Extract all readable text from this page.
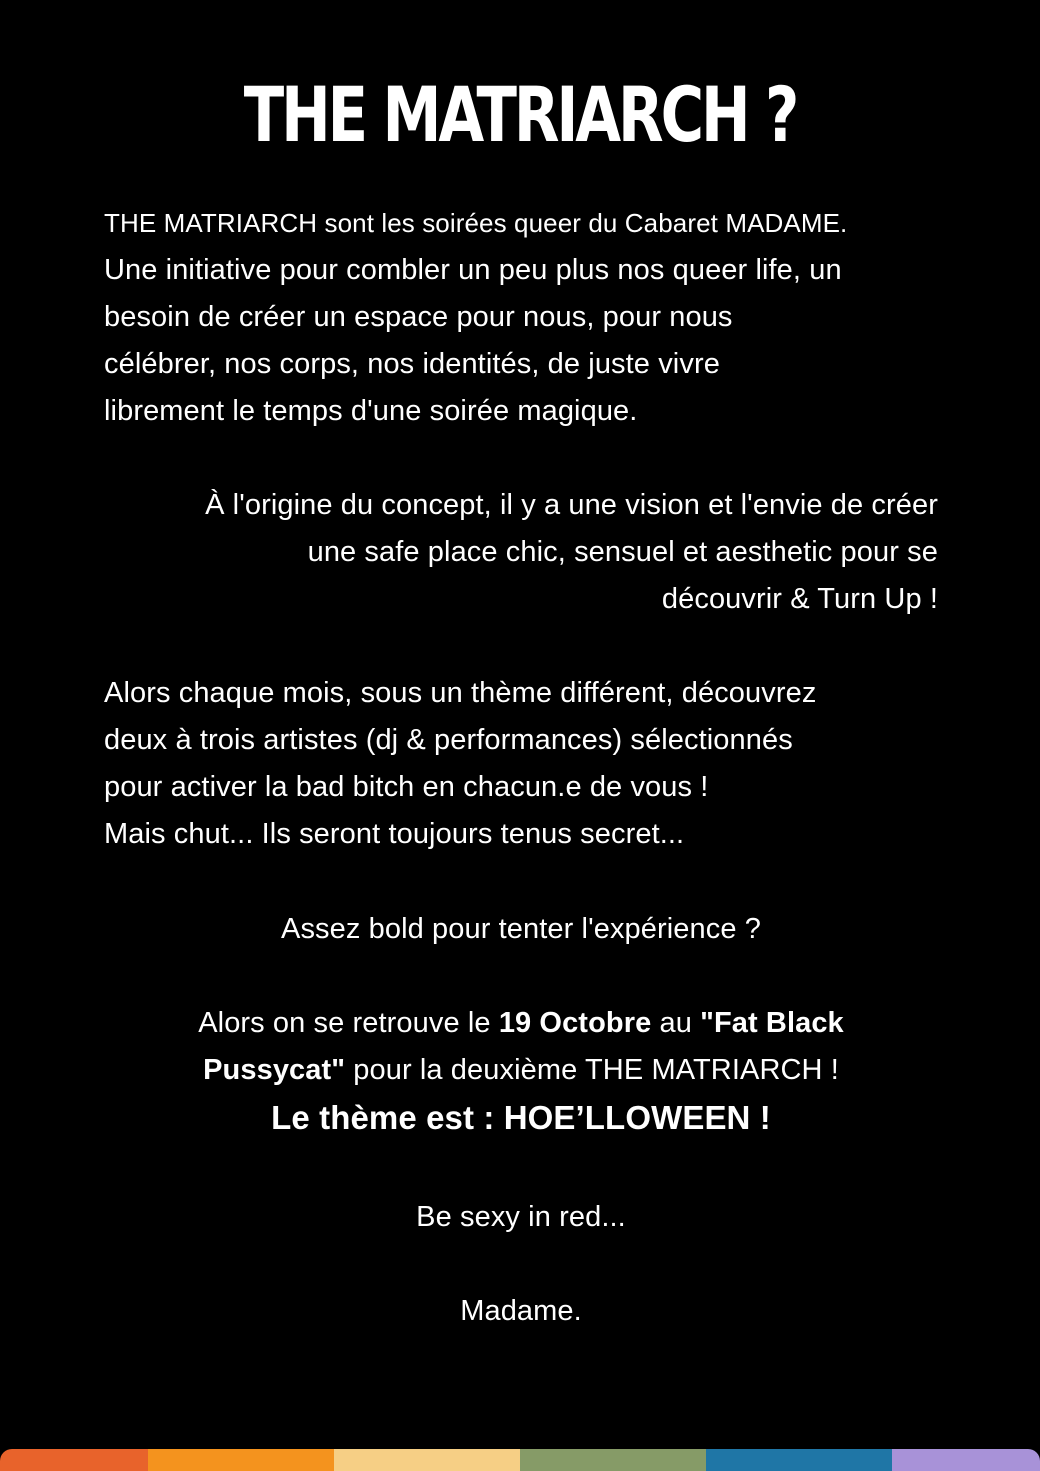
THE MATRIARCH ?
THE MATRIARCH sont les soirées queer du Cabaret MADAME.
Une initiative pour combler un peu plus nos queer life, un
besoin de créer un espace pour nous, pour nous
célébrer, nos corps, nos identités, de juste vivre
librement le temps d'une soirée magique.
À l'origine du concept, il y a une vision et l'envie de créer
une safe place chic, sensuel et aesthetic pour se
découvrir & Turn Up !
Alors chaque mois, sous un thème différent, découvrez
deux à trois artistes (dj & performances) sélectionnés
pour activer la bad bitch en chacun.e de vous !
Mais chut... Ils seront toujours tenus secret...
Assez bold pour tenter l'expérience ?
Alors on se retrouve le 19 Octobre au "Fat Black
Pussycat" pour la deuxième THE MATRIARCH !
Le thème est : HOE’LLOWEEN !
Be sexy in red...
Madame.
